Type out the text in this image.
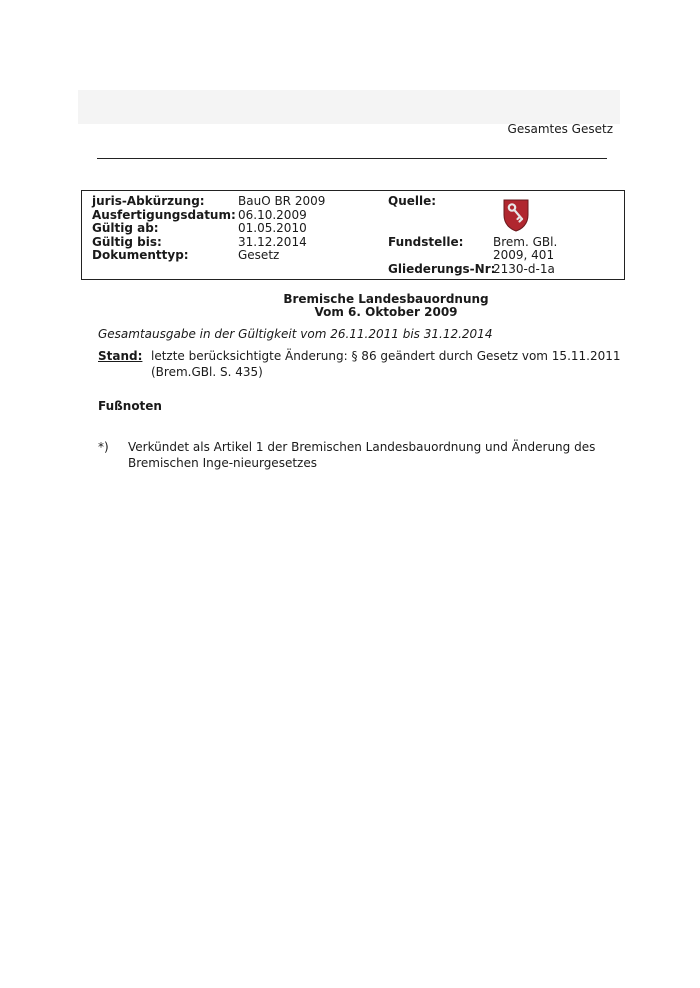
Gesamtes Gesetz
juris-Abkürzung:	BauO BR 2009
Ausfertigungsdatum: 06.10.2009
Gültig ab:	01.05.2010
Gültig bis:	31.12.2014
Dokumenttyp:	Gesetz
Quelle:
Fundstelle: Brem. GBl.
2009, 401
Gliederungs-Nr:
2130-d-1a
Bremische Landesbauordnung
Vom 6. Oktober 2009
Gesamtausgabe in der Gültigkeit vom 26.11.2011 bis 31.12.2014
Stand: letzte berücksichtigte Änderung: § 86 geändert durch Gesetz vom 15.11.2011 (Brem.GBl. S. 435)
Fußnoten
*) Verkündet als Artikel 1 der Bremischen Landesbauordnung und Änderung des Bremischen Inge-nieurgesetzes
